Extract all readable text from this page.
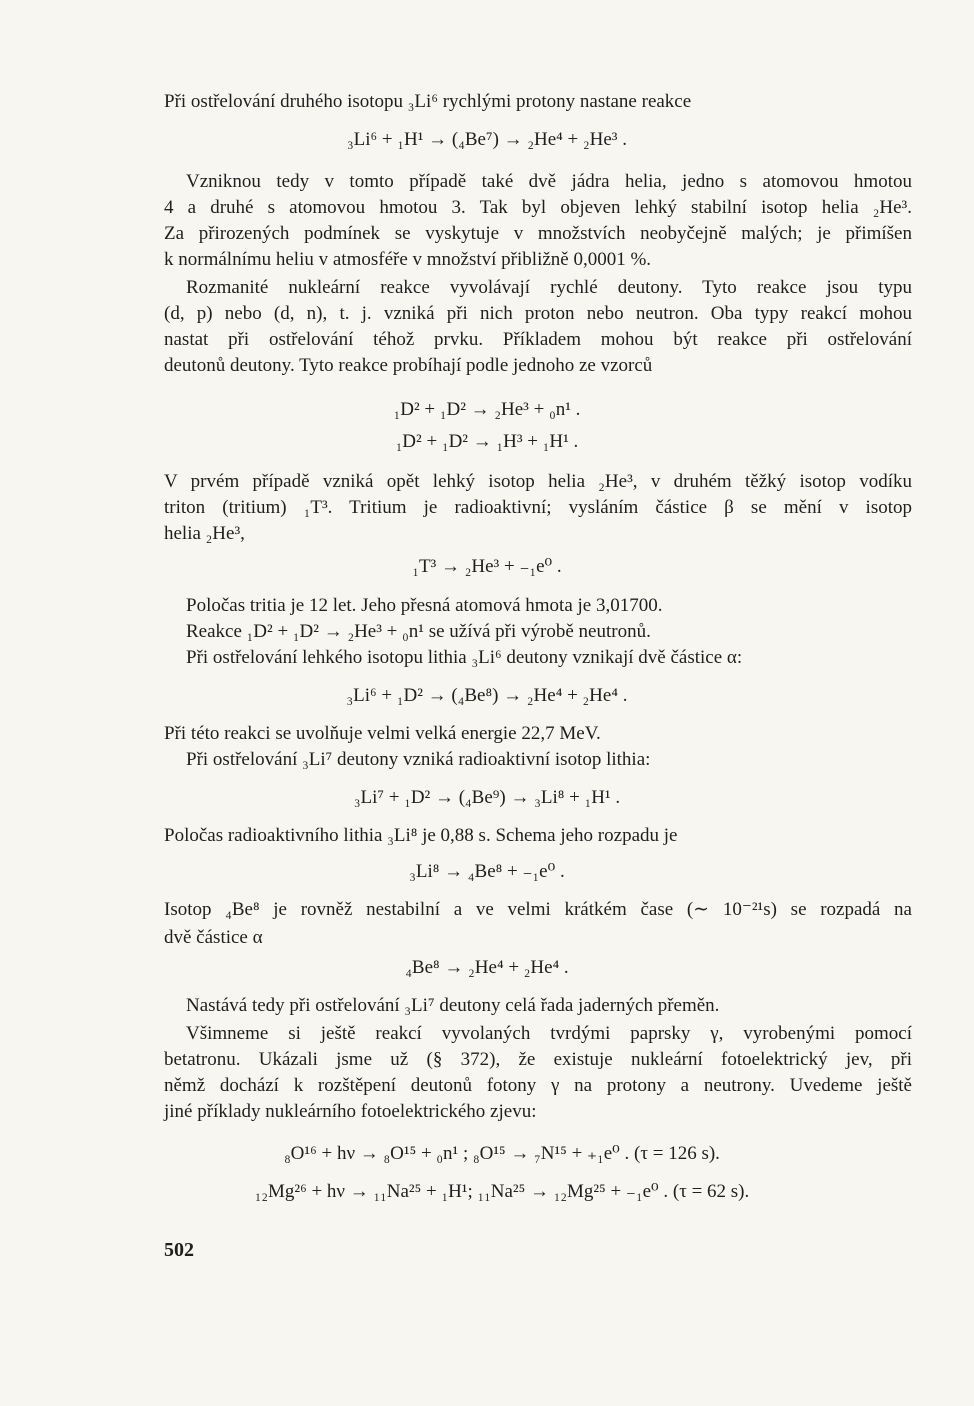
Při ostřelování druhého isotopu ₃Li⁶ rychlými protony nastane reakce
₃Li⁶ + ₁H¹ → (₄Be⁷) → ₂He⁴ + ₂He³ .
Vzniknou tedy v tomto případě také dvě jádra helia, jedno s atomovou hmotou
4 a druhé s atomovou hmotou 3. Tak byl objeven lehký stabilní isotop helia ₂He³.
Za přirozených podmínek se vyskytuje v množstvích neobyčejně malých; je přimíšen
k normálnímu heliu v atmosféře v množství přibližně 0,0001 %.
Rozmanité nukleární reakce vyvolávají rychlé deutony. Tyto reakce jsou typu
(d, p) nebo (d, n), t. j. vzniká při nich proton nebo neutron. Oba typy reakcí mohou
nastat při ostřelování téhož prvku. Příkladem mohou být reakce při ostřelování
deutonů deutony. Tyto reakce probíhají podle jednoho ze vzorců
₁D² + ₁D² → ₂He³ + ₀n¹ .
₁D² + ₁D² → ₁H³ + ₁H¹ .
V prvém případě vzniká opět lehký isotop helia ₂He³, v druhém těžký isotop vodíku
triton (tritium) ₁T³. Tritium je radioaktivní; vysláním částice β se mění v isotop
helia ₂He³,
₁T³ → ₂He³ + ₋₁e⁰ .
Poločas tritia je 12 let. Jeho přesná atomová hmota je 3,01700.
Reakce ₁D² + ₁D² → ₂He³ + ₀n¹ se užívá při výrobě neutronů.
Při ostřelování lehkého isotopu lithia ₃Li⁶ deutony vznikají dvě částice α:
₃Li⁶ + ₁D² → (₄Be⁸) → ₂He⁴ + ₂He⁴ .
Při této reakci se uvolňuje velmi velká energie 22,7 MeV.
Při ostřelování ₃Li⁷ deutony vzniká radioaktivní isotop lithia:
₃Li⁷ + ₁D² → (₄Be⁹) → ₃Li⁸ + ₁H¹ .
Poločas radioaktivního lithia ₃Li⁸ je 0,88 s. Schema jeho rozpadu je
₃Li⁸ → ₄Be⁸ + ₋₁e⁰ .
Isotop ₄Be⁸ je rovněž nestabilní a ve velmi krátkém čase (∼ 10⁻²¹s) se rozpadá na
dvě částice α
₄Be⁸ → ₂He⁴ + ₂He⁴ .
Nastává tedy při ostřelování ₃Li⁷ deutony celá řada jaderných přeměn.
Všimneme si ještě reakcí vyvolaných tvrdými paprsky γ, vyrobenými pomocí
betatronu. Ukázali jsme už (§ 372), že existuje nukleární fotoelektrický jev, při
němž dochází k rozštěpení deutonů fotony γ na protony a neutrony. Uvedeme ještě
jiné příklady nukleárního fotoelektrického zjevu:
₈O¹⁶ + hν → ₈O¹⁵ + ₀n¹ ; ₈O¹⁵ → ₇N¹⁵ + ₊₁e⁰ . (τ = 126 s).
₁₂Mg²⁶ + hν → ₁₁Na²⁵ + ₁H¹; ₁₁Na²⁵ → ₁₂Mg²⁵ + ₋₁e⁰ . (τ = 62 s).
502
